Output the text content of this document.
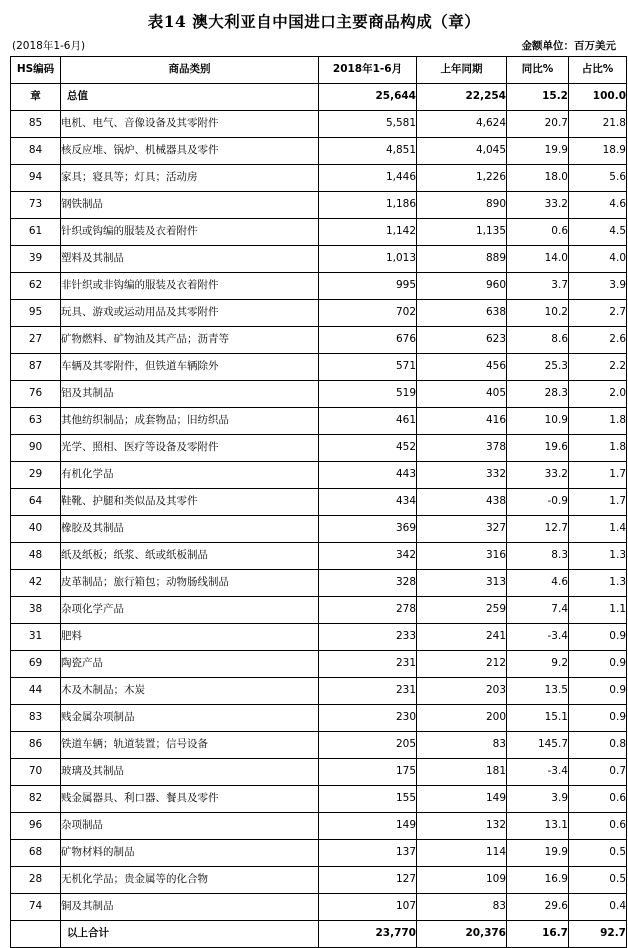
表14 澳大利亚自中国进口主要商品构成（章）
(2018年1-6月)	金额单位：百万美元
HS编码	商品类别	2018年1-6月	上年同期	同比%	占比%
章	总值	25,644	22,254	15.2	100.0
85	电机、电气、音像设备及其零附件	5,581	4,624	20.7	21.8
84	核反应堆、锅炉、机械器具及零件	4,851	4,045	19.9	18.9
94	家具；寝具等；灯具；活动房	1,446	1,226	18.0	5.6
73	钢铁制品	1,186	890	33.2	4.6
61	针织或钩编的服装及衣着附件	1,142	1,135	0.6	4.5
39	塑料及其制品	1,013	889	14.0	4.0
62	非针织或非钩编的服装及衣着附件	995	960	3.7	3.9
95	玩具、游戏或运动用品及其零附件	702	638	10.2	2.7
27	矿物燃料、矿物油及其产品；沥青等	676	623	8.6	2.6
87	车辆及其零附件，但铁道车辆除外	571	456	25.3	2.2
76	铝及其制品	519	405	28.3	2.0
63	其他纺织制品；成套物品；旧纺织品	461	416	10.9	1.8
90	光学、照相、医疗等设备及零附件	452	378	19.6	1.8
29	有机化学品	443	332	33.2	1.7
64	鞋靴、护腿和类似品及其零件	434	438	-0.9	1.7
40	橡胶及其制品	369	327	12.7	1.4
48	纸及纸板；纸浆、纸或纸板制品	342	316	8.3	1.3
42	皮革制品；旅行箱包；动物肠线制品	328	313	4.6	1.3
38	杂项化学产品	278	259	7.4	1.1
31	肥料	233	241	-3.4	0.9
69	陶瓷产品	231	212	9.2	0.9
44	木及木制品；木炭	231	203	13.5	0.9
83	贱金属杂项制品	230	200	15.1	0.9
86	铁道车辆；轨道装置；信号设备	205	83	145.7	0.8
70	玻璃及其制品	175	181	-3.4	0.7
82	贱金属器具、利口器、餐具及零件	155	149	3.9	0.6
96	杂项制品	149	132	13.1	0.6
68	矿物材料的制品	137	114	19.9	0.5
28	无机化学品；贵金属等的化合物	127	109	16.9	0.5
74	铜及其制品	107	83	29.6	0.4
	以上合计	23,770	20,376	16.7	92.7
